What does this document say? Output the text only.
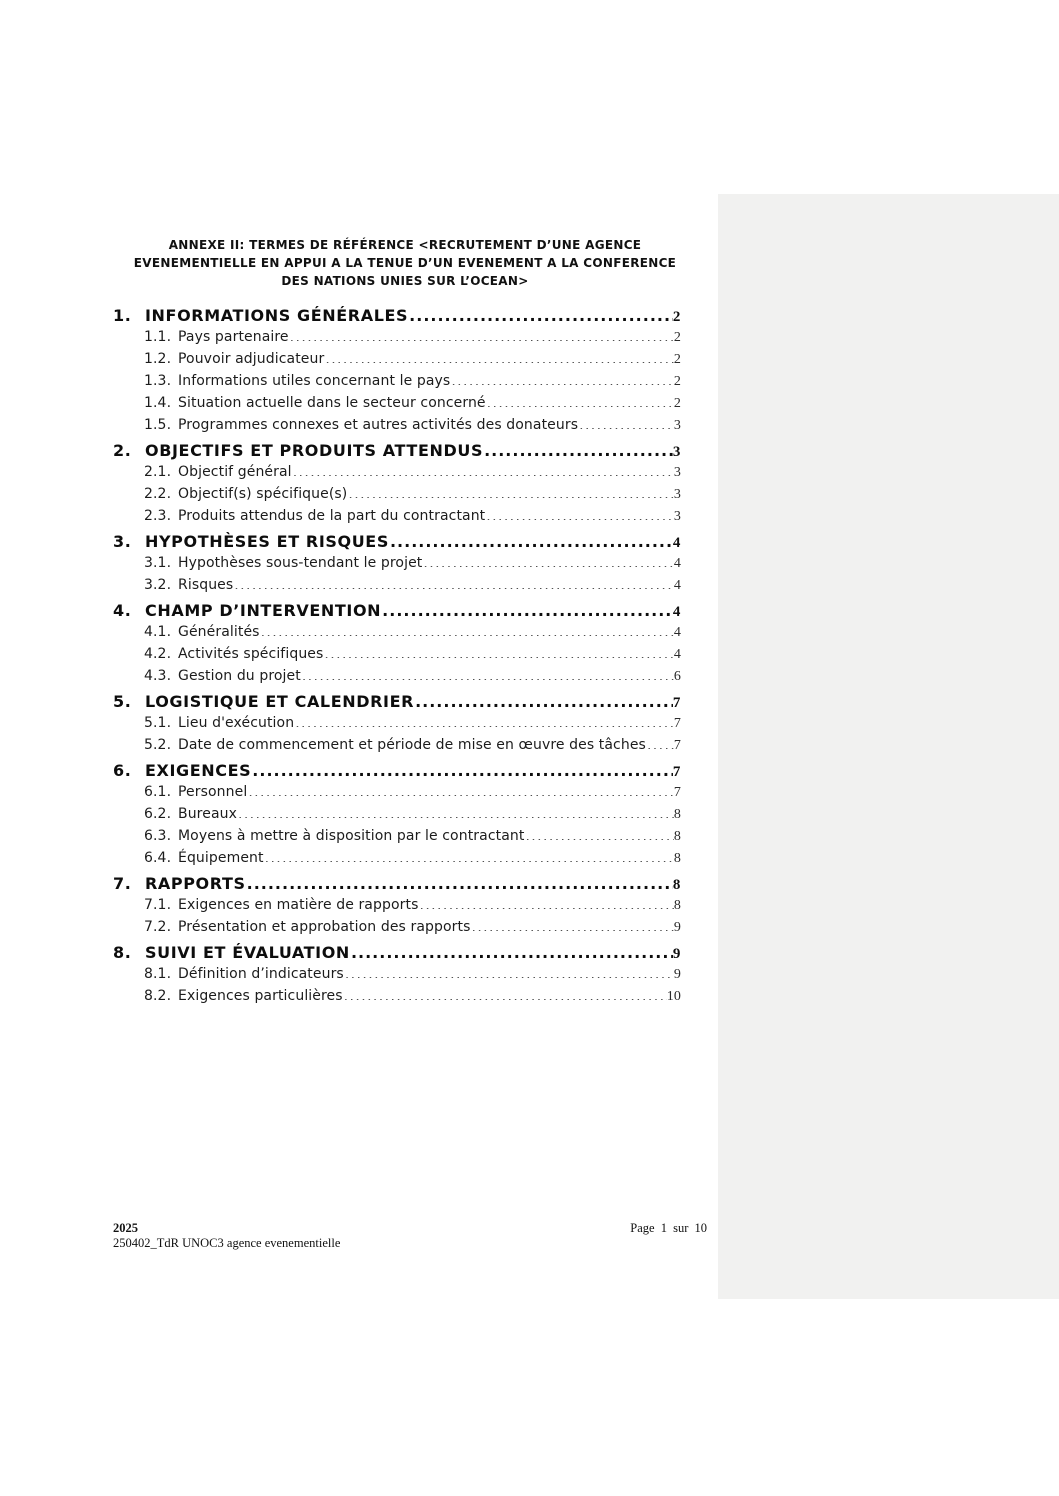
ANNEXE II: TERMES DE RÉFÉRENCE <RECRUTEMENT D’UNE AGENCE
EVENEMENTIELLE EN APPUI A LA TENUE D’UN EVENEMENT A LA CONFERENCE
DES NATIONS UNIES SUR L’OCEAN>
1. INFORMATIONS GÉNÉRALES .....	2
1.1. Pays partenaire .....	2
1.2. Pouvoir adjudicateur .....	2
1.3. Informations utiles concernant le pays .....	2
1.4. Situation actuelle dans le secteur concerné .....	2
1.5. Programmes connexes et autres activités des donateurs .....	3
2. OBJECTIFS ET PRODUITS ATTENDUS .....	3
2.1. Objectif général .....	3
2.2. Objectif(s) spécifique(s) .....	3
2.3. Produits attendus de la part du contractant .....	3
3. HYPOTHÈSES ET RISQUES .....	4
3.1. Hypothèses sous-tendant le projet .....	4
3.2. Risques .....	4
4. CHAMP D’INTERVENTION .....	4
4.1. Généralités .....	4
4.2. Activités spécifiques .....	4
4.3. Gestion du projet .....	6
5. LOGISTIQUE ET CALENDRIER .....	7
5.1. Lieu d'exécution .....	7
5.2. Date de commencement et période de mise en œuvre des tâches ..... 7
6. EXIGENCES .....	7
6.1. Personnel .....	7
6.2. Bureaux .....	8
6.3. Moyens à mettre à disposition par le contractant .....	8
6.4. Équipement .....	8
7. RAPPORTS .....	8
7.1. Exigences en matière de rapports .....	8
7.2. Présentation et approbation des rapports .....	9
8. SUIVI ET ÉVALUATION .....	9
8.1. Définition d’indicateurs .....	9
8.2. Exigences particulières .....	10
2025
250402_TdR UNOC3 agence evenementielle
Page 1 sur 10
